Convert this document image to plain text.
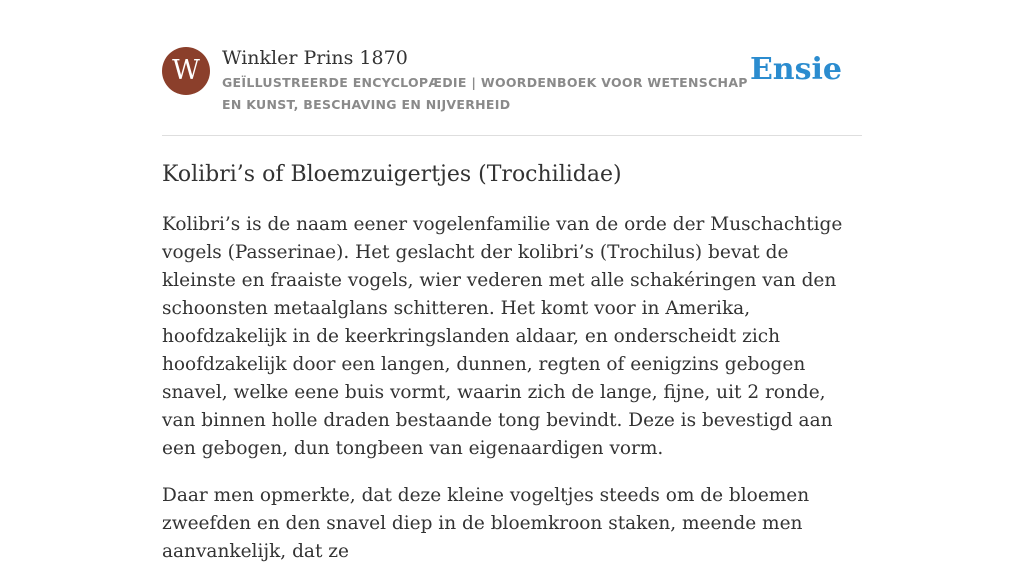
W	Winkler Prins 1870
GEÏLLUSTREERDE ENCYCLOPÆDIE | WOORDENBOEK VOOR WETENSCHAP EN KUNST, BESCHAVING EN NIJVERHEID
Ensie
Kolibri’s of Bloemzuigertjes (Trochilidae)

Kolibri’s is de naam eener vogelenfamilie van de orde der Muschachtige vogels (Passerinae). Het geslacht der kolibri’s (Trochilus) bevat de kleinste en fraaiste vogels, wier vederen met alle schakéringen van den schoonsten metaalglans schitteren. Het komt voor in Amerika, hoofdzakelijk in de keerkringslanden aldaar, en onderscheidt zich hoofdzakelijk door een langen, dunnen, regten of eenigzins gebogen snavel, welke eene buis vormt, waarin zich de lange, fijne, uit 2 ronde, van binnen holle draden bestaande tong bevindt. Deze is bevestigd aan een gebogen, dun tongbeen van eigenaardigen vorm.

Daar men opmerkte, dat deze kleine vogeltjes steeds om de bloemen zweefden en den snavel diep in de bloemkroon staken, meende men aanvankelijk, dat ze
